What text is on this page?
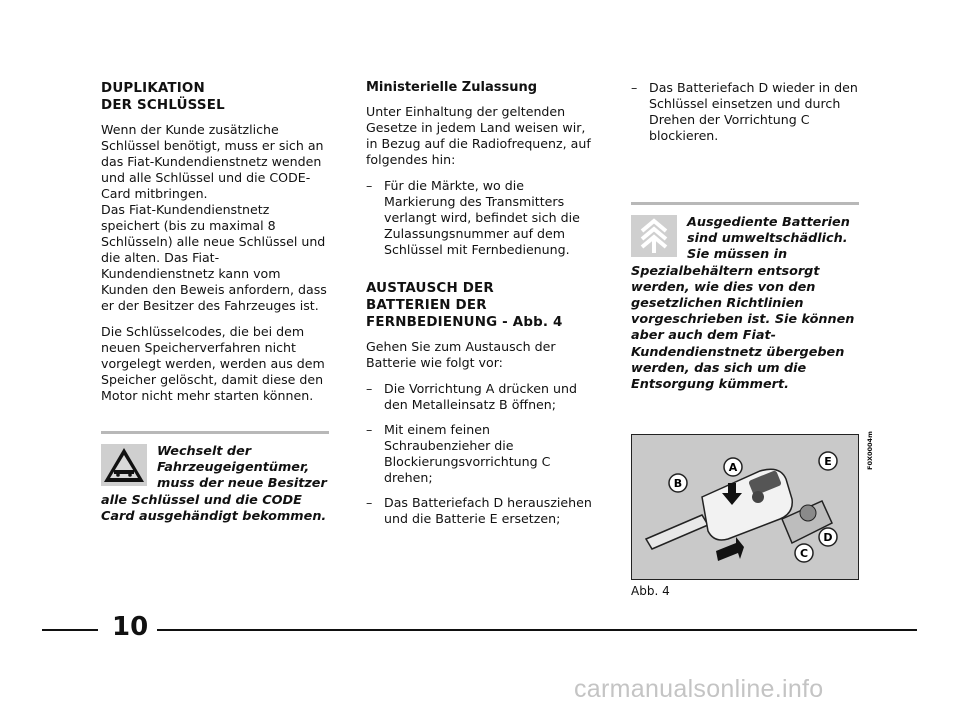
DUPLIKATION
DER SCHLÜSSEL

Wenn der Kunde zusätzliche Schlüssel benötigt, muss er sich an das Fiat-Kundendienstnetz wenden und alle Schlüssel und die CODE-Card mitbringen.

Das Fiat-Kundendienstnetz speichert (bis zu maximal 8 Schlüsseln) alle neue Schlüssel und die alten. Das Fiat-Kundendienstnetz kann vom Kunden den Beweis anfordern, dass er der Besitzer des Fahrzeuges ist.

Die Schlüsselcodes, die bei dem neuen Speicherverfahren nicht vorgelegt werden, werden aus dem Speicher gelöscht, damit diese den Motor nicht mehr starten können.

Wechselt der Fahrzeugeigentümer, muss der neue Besitzer alle Schlüssel und die CODE Card ausgehändigt bekommen.
Ministerielle Zulassung

Unter Einhaltung der geltenden Gesetze in jedem Land weisen wir, in Bezug auf die Radiofrequenz, auf folgendes hin:

– Für die Märkte, wo die Markierung des Transmitters verlangt wird, befindet sich die Zulassungsnummer auf dem Schlüssel mit Fernbedienung.
AUSTAUSCH DER
BATTERIEN DER
FERNBEDIENUNG - Abb. 4

Gehen Sie zum Austausch der Batterie wie folgt vor:

– Die Vorrichtung A drücken und den Metalleinsatz B öffnen;
– Mit einem feinen Schraubenzieher die Blockierungsvorrichtung C drehen;
– Das Batteriefach D herausziehen und die Batterie E ersetzen;
– Das Batteriefach D wieder in den Schlüssel einsetzen und durch Drehen der Vorrichtung C blockieren.
Ausgediente Batterien sind umweltschädlich. Sie müssen in Spezialbehältern entsorgt werden, wie dies von den gesetzlichen Richtlinien vorgeschrieben ist. Sie können aber auch dem Fiat-Kundendienstnetz übergeben werden, das sich um die Entsorgung kümmert.
B
A	E
D
C
F0X0004m
Abb. 4
10
carmanualsonline.info
